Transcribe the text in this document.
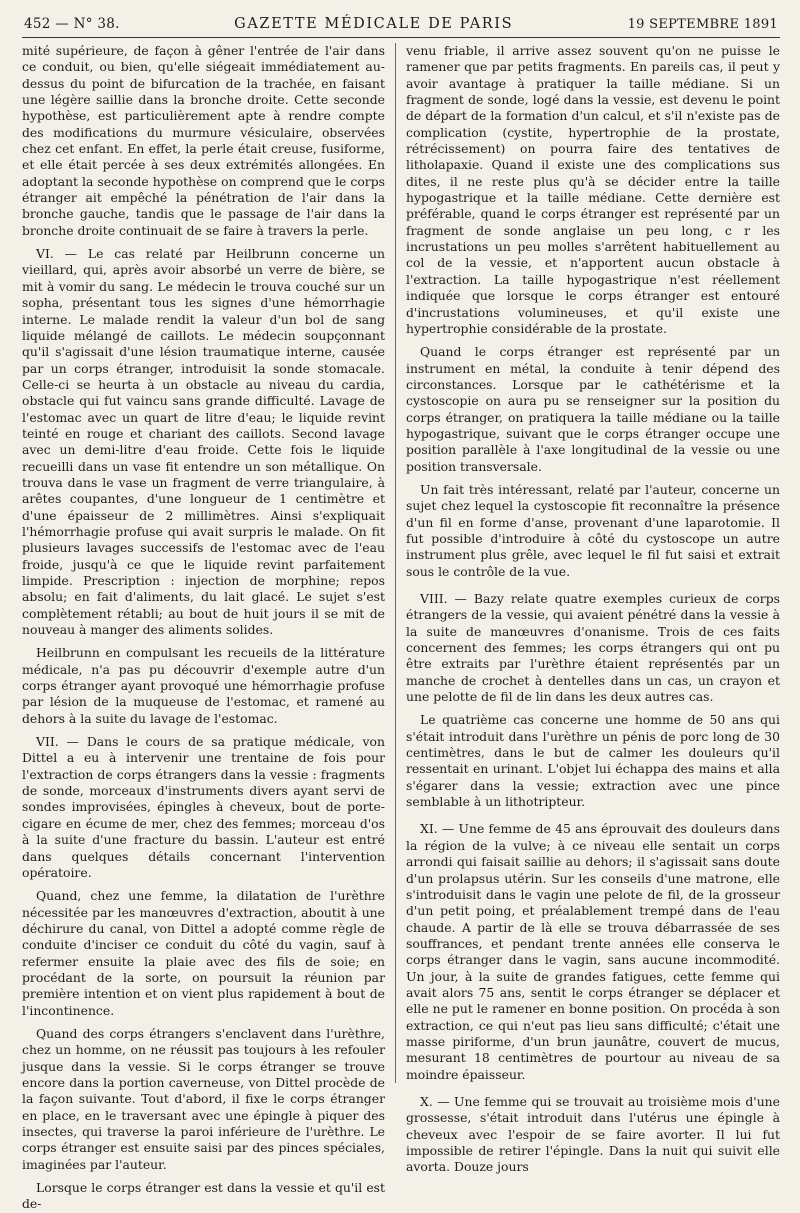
452 — N° 38.	GAZETTE MÉDICALE DE PARIS	19 SEPTEMBRE 1891

mité supérieure, de façon à gêner l'entrée de l'air dans ce conduit, ou bien, qu'elle siégeait immédiatement au-dessus du point de bifurcation de la trachée, en faisant une légère saillie dans la bronche droite. Cette seconde hypothèse, est particulièrement apte à rendre compte des modifications du murmure vésiculaire, observées chez cet enfant. En effet, la perle était creuse, fusiforme, et elle était percée à ses deux extrémités allongées. En adoptant la seconde hypothèse on comprend que le corps étranger ait empêché la pénétration de l'air dans la bronche gauche, tandis que le passage de l'air dans la bronche droite continuait de se faire à travers la perle.

VI. — Le cas relaté par Heilbrunn concerne un vieillard, qui, après avoir absorbé un verre de bière, se mit à vomir du sang. Le médecin le trouva couché sur un sopha, présentant tous les signes d'une hémorrhagie interne. Le malade rendit la valeur d'un bol de sang liquide mélangé de caillots. Le médecin soupçonnant qu'il s'agissait d'une lésion traumatique interne, causée par un corps étranger, introduisit la sonde stomacale. Celle-ci se heurta à un obstacle au niveau du cardia, obstacle qui fut vaincu sans grande difficulté. Lavage de l'estomac avec un quart de litre d'eau; le liquide revint teinté en rouge et chariant des caillots. Second lavage avec un demi-litre d'eau froide. Cette fois le liquide recueilli dans un vase fit entendre un son métallique. On trouva dans le vase un fragment de verre triangulaire, à arêtes coupantes, d'une longueur de 1 centimètre et d'une épaisseur de 2 millimètres. Ainsi s'expliquait l'hémorrhagie profuse qui avait surpris le malade. On fit plusieurs lavages successifs de l'estomac avec de l'eau froide, jusqu'à ce que le liquide revint parfaitement limpide. Prescription : injection de morphine; repos absolu; en fait d'aliments, du lait glacé. Le sujet s'est complètement rétabli; au bout de huit jours il se mit de nouveau à manger des aliments solides.

Heilbrunn en compulsant les recueils de la littérature médicale, n'a pas pu découvrir d'exemple autre d'un corps étranger ayant provoqué une hémorrhagie profuse par lésion de la muqueuse de l'estomac, et ramené au dehors à la suite du lavage de l'estomac.

VII. — Dans le cours de sa pratique médicale, von Dittel a eu à intervenir une trentaine de fois pour l'extraction de corps étrangers dans la vessie : fragments de sonde, morceaux d'instruments divers ayant servi de sondes improvisées, épingles à cheveux, bout de porte-cigare en écume de mer, chez des femmes; morceau d'os à la suite d'une fracture du bassin. L'auteur est entré dans quelques détails concernant l'intervention opératoire.

Quand, chez une femme, la dilatation de l'urèthre nécessitée par les manœuvres d'extraction, aboutit à une déchirure du canal, von Dittel a adopté comme règle de conduite d'inciser ce conduit du côté du vagin, sauf à refermer ensuite la plaie avec des fils de soie; en procédant de la sorte, on poursuit la réunion par première intention et on vient plus rapidement à bout de l'incontinence.

Quand des corps étrangers s'enclavent dans l'urèthre, chez un homme, on ne réussit pas toujours à les refouler jusque dans la vessie. Si le corps étranger se trouve encore dans la portion caverneuse, von Dittel procède de la façon suivante. Tout d'abord, il fixe le corps étranger en place, en le traversant avec une épingle à piquer des insectes, qui traverse la paroi inférieure de l'urèthre. Le corps étranger est ensuite saisi par des pinces spéciales, imaginées par l'auteur.

Lorsque le corps étranger est dans la vessie et qu'il est de-

venu friable, il arrive assez souvent qu'on ne puisse le ramener que par petits fragments. En pareils cas, il peut y avoir avantage à pratiquer la taille médiane. Si un fragment de sonde, logé dans la vessie, est devenu le point de départ de la formation d'un calcul, et s'il n'existe pas de complication (cystite, hypertrophie de la prostate, rétrécissement) on pourra faire des tentatives de litholapaxie. Quand il existe une des complications sus dites, il ne reste plus qu'à se décider entre la taille hypogastrique et la taille médiane. Cette dernière est préférable, quand le corps étranger est représenté par un fragment de sonde anglaise un peu long, c r les incrustations un peu molles s'arrêtent habituellement au col de la vessie, et n'apportent aucun obstacle à l'extraction. La taille hypogastrique n'est réellement indiquée que lorsque le corps étranger est entouré d'incrustations volumineuses, et qu'il existe une hypertrophie considérable de la prostate.

Quand le corps étranger est représenté par un instrument en métal, la conduite à tenir dépend des circonstances. Lorsque par le cathétérisme et la cystoscopie on aura pu se renseigner sur la position du corps étranger, on pratiquera la taille médiane ou la taille hypogastrique, suivant que le corps étranger occupe une position parallèle à l'axe longitudinal de la vessie ou une position transversale.

Un fait très intéressant, relaté par l'auteur, concerne un sujet chez lequel la cystoscopie fit reconnaître la présence d'un fil en forme d'anse, provenant d'une laparotomie. Il fut possible d'introduire à côté du cystoscope un autre instrument plus grêle, avec lequel le fil fut saisi et extrait sous le contrôle de la vue.

VIII. — Bazy relate quatre exemples curieux de corps étrangers de la vessie, qui avaient pénétré dans la vessie à la suite de manœuvres d'onanisme. Trois de ces faits concernent des femmes; les corps étrangers qui ont pu être extraits par l'urèthre étaient représentés par un manche de crochet à dentelles dans un cas, un crayon et une pelotte de fil de lin dans les deux autres cas.

Le quatrième cas concerne une homme de 50 ans qui s'était introduit dans l'urèthre un pénis de porc long de 30 centimètres, dans le but de calmer les douleurs qu'il ressentait en urinant. L'objet lui échappa des mains et alla s'égarer dans la vessie; extraction avec une pince semblable à un lithotripteur.

XI. — Une femme de 45 ans éprouvait des douleurs dans la région de la vulve; à ce niveau elle sentait un corps arrondi qui faisait saillie au dehors; il s'agissait sans doute d'un prolapsus utérin. Sur les conseils d'une matrone, elle s'introduisit dans le vagin une pelote de fil, de la grosseur d'un petit poing, et préalablement trempé dans de l'eau chaude. A partir de là elle se trouva débarrassée de ses souffrances, et pendant trente années elle conserva le corps étranger dans le vagin, sans aucune incommodité. Un jour, à la suite de grandes fatigues, cette femme qui avait alors 75 ans, sentit le corps étranger se déplacer et elle ne put le ramener en bonne position. On procéda à son extraction, ce qui n'eut pas lieu sans difficulté; c'était une masse piriforme, d'un brun jaunâtre, couvert de mucus, mesurant 18 centimètres de pourtour au niveau de sa moindre épaisseur.

X. — Une femme qui se trouvait au troisième mois d'une grossesse, s'était introduit dans l'utérus une épingle à cheveux avec l'espoir de se faire avorter. Il lui fut impossible de retirer l'épingle. Dans la nuit qui suivit elle avorta. Douze jours
